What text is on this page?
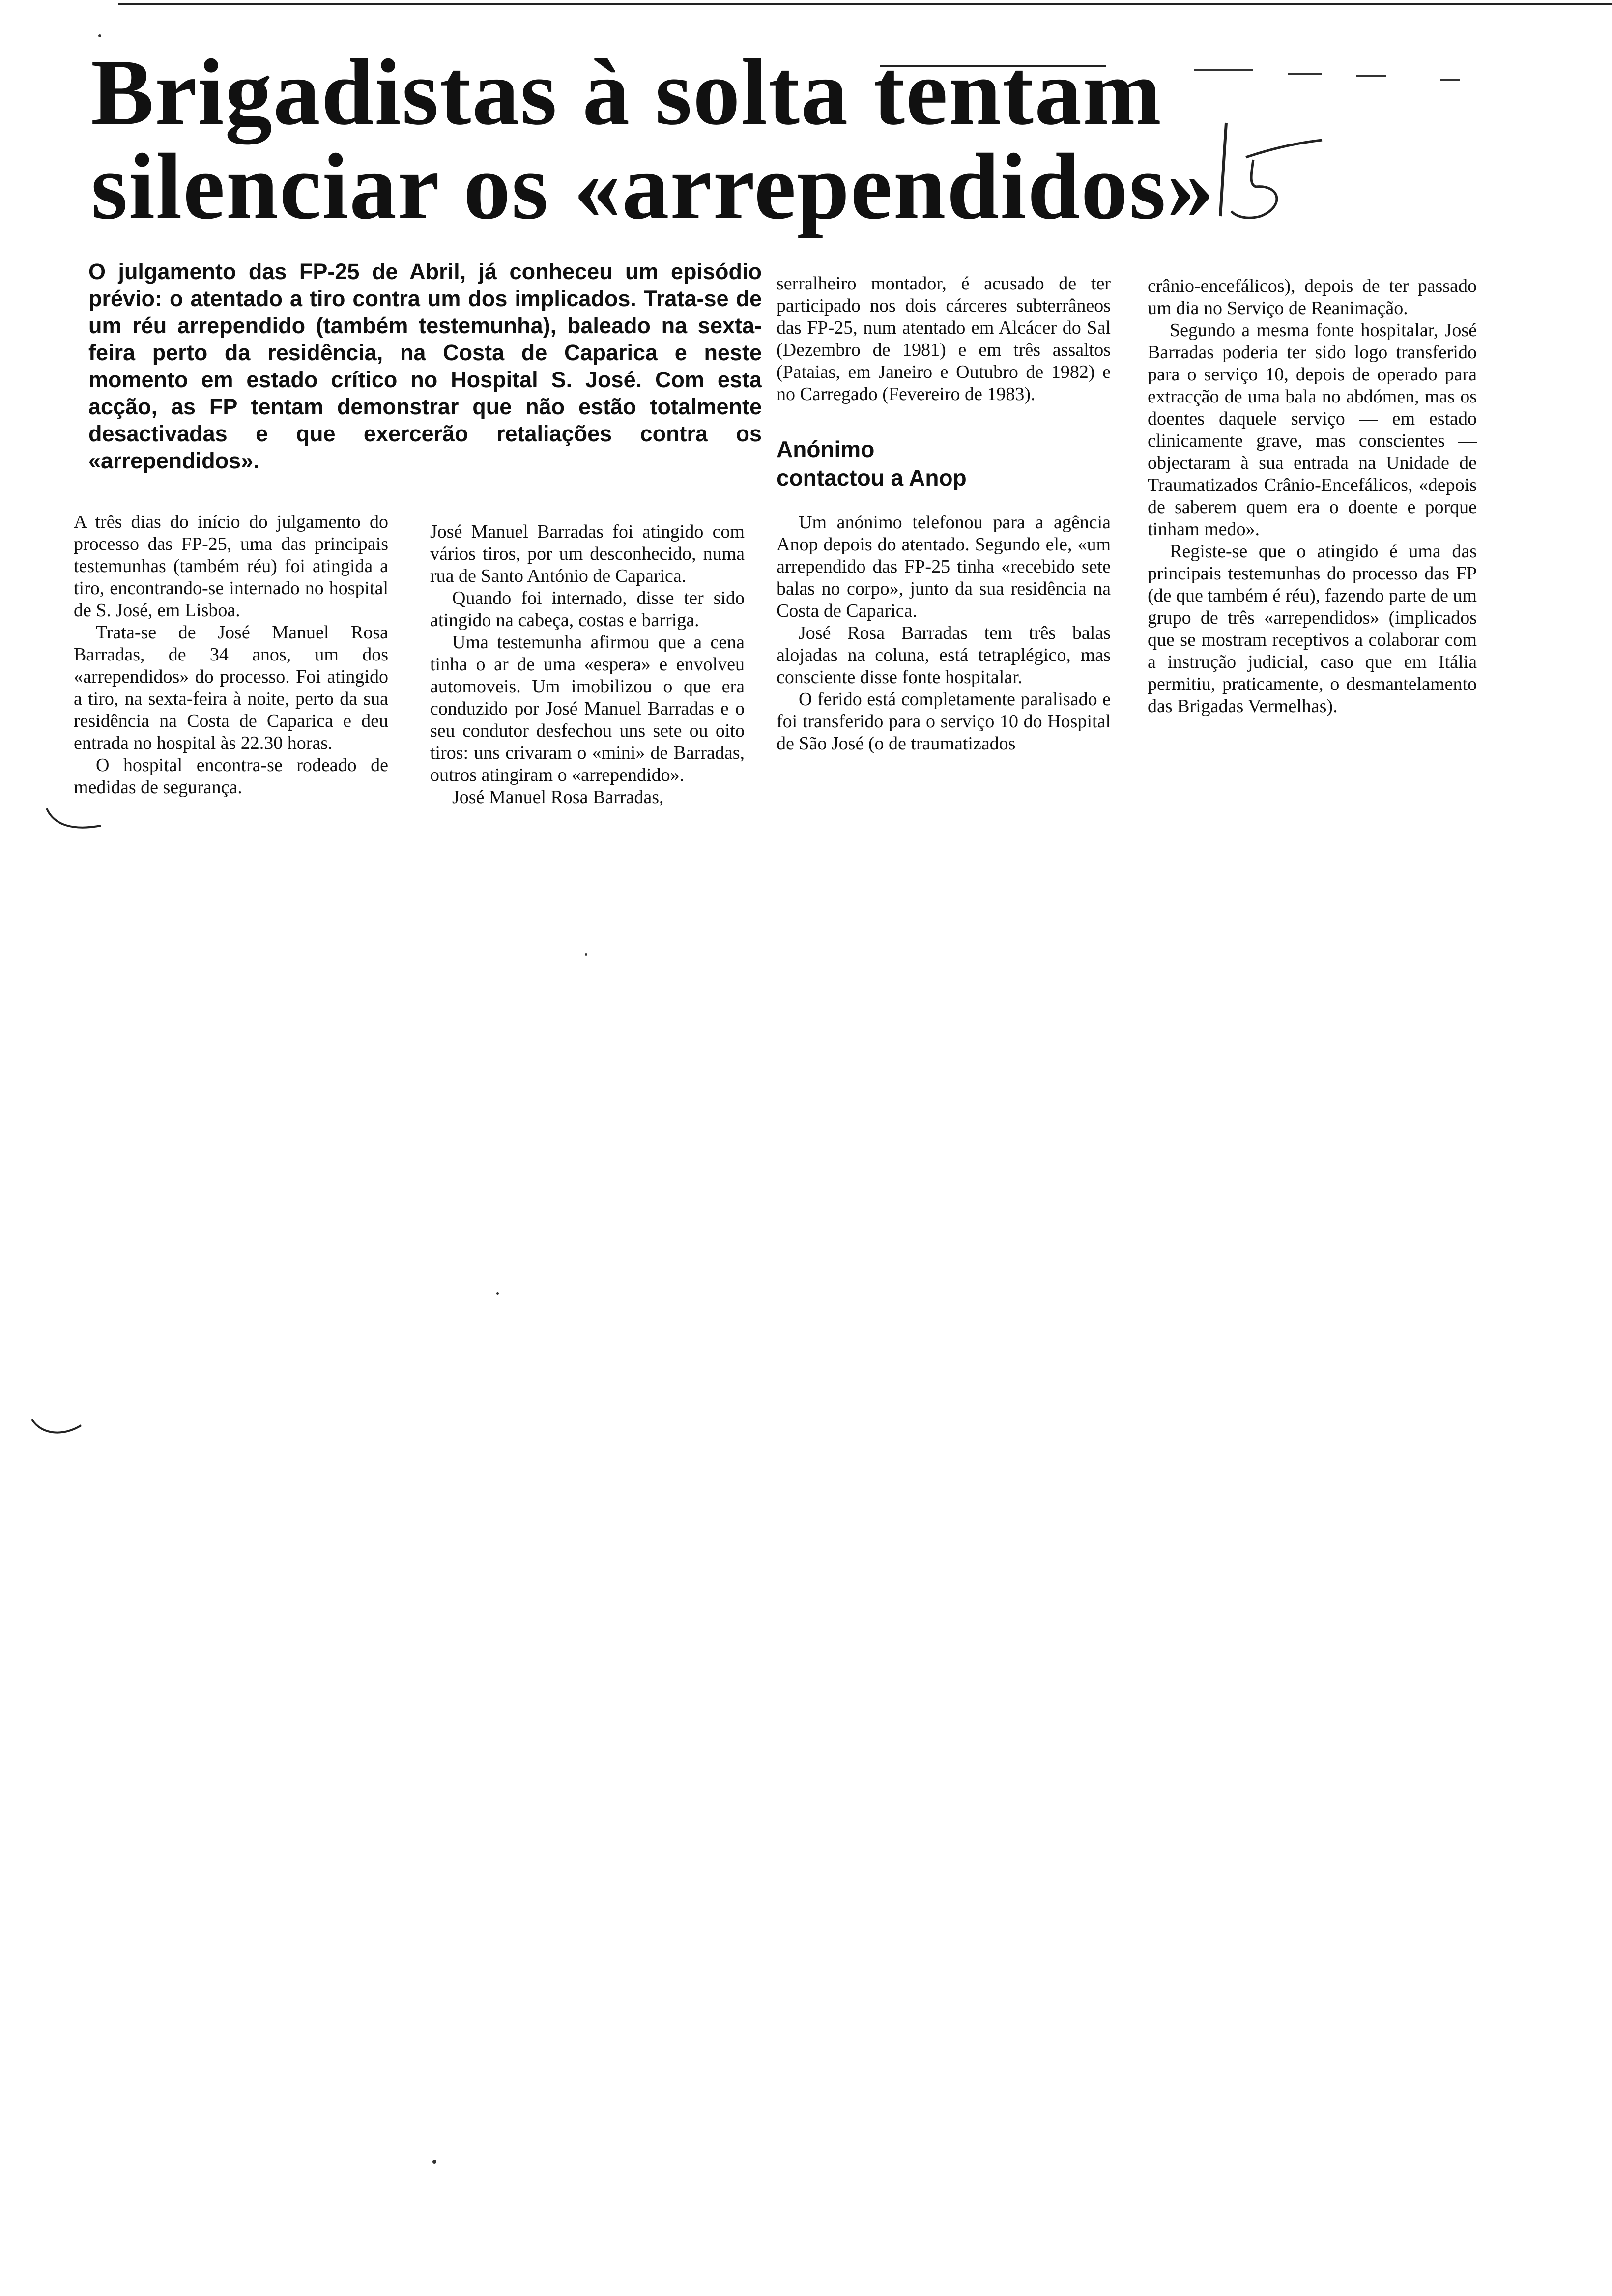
Brigadistas à solta tentam
silenciar os «arrependidos»

O julgamento das FP-25 de Abril, já conheceu um episódio prévio: o atentado a tiro contra um dos implicados. Trata-se de um réu arrependido (também testemunha), baleado na sexta-feira perto da residência, na Costa de Caparica e neste momento em estado crítico no Hospital S. José. Com esta acção, as FP tentam demonstrar que não estão totalmente desactivadas e que exercerão retaliações contra os «arrependidos».

A três dias do início do julgamento do processo das FP-25, uma das principais testemunhas (também réu) foi atingida a tiro, encontrando-se internado no hospital de S. José, em Lisboa.

Trata-se de José Manuel Rosa Barradas, de 34 anos, um dos «arrependidos» do processo. Foi atingido a tiro, na sexta-feira à noite, perto da sua residência na Costa de Caparica e deu entrada no hospital às 22.30 horas.

O hospital encontra-se rodeado de medidas de segurança.

José Manuel Barradas foi atingido com vários tiros, por um desconhecido, numa rua de Santo António de Caparica.

Quando foi internado, disse ter sido atingido na cabeça, costas e barriga.

Uma testemunha afirmou que a cena tinha o ar de uma «espera» e envolveu automoveis. Um imobilizou o que era conduzido por José Manuel Barradas e o seu condutor desfechou uns sete ou oito tiros: uns crivaram o «mini» de Barradas, outros atingiram o «arrependido».

José Manuel Rosa Barradas,

serralheiro montador, é acusado de ter participado nos dois cárceres subterrâneos das FP-25, num atentado em Alcácer do Sal (Dezembro de 1981) e em três assaltos (Pataias, em Janeiro e Outubro de 1982) e no Carregado (Fevereiro de 1983).

Anónimo
contactou a Anop

Um anónimo telefonou para a agência Anop depois do atentado. Segundo ele, «um arrependido das FP-25 tinha «recebido sete balas no corpo», junto da sua residência na Costa de Caparica.

José Rosa Barradas tem três balas alojadas na coluna, está tetraplégico, mas consciente disse fonte hospitalar.

O ferido está completamente paralisado e foi transferido para o serviço 10 do Hospital de São José (o de traumatizados

crânio-encefálicos), depois de ter passado um dia no Serviço de Reanimação.

Segundo a mesma fonte hospitalar, José Barradas poderia ter sido logo transferido para o serviço 10, depois de operado para extracção de uma bala no abdómen, mas os doentes daquele serviço — em estado clinicamente grave, mas conscientes — objectaram à sua entrada na Unidade de Traumatizados Crânio-Encefálicos, «depois de saberem quem era o doente e porque tinham medo».

Registe-se que o atingido é uma das principais testemunhas do processo das FP (de que também é réu), fazendo parte de um grupo de três «arrependidos» (implicados que se mostram receptivos a colaborar com a instrução judicial, caso que em Itália permitiu, praticamente, o desmantelamento das Brigadas Vermelhas).
